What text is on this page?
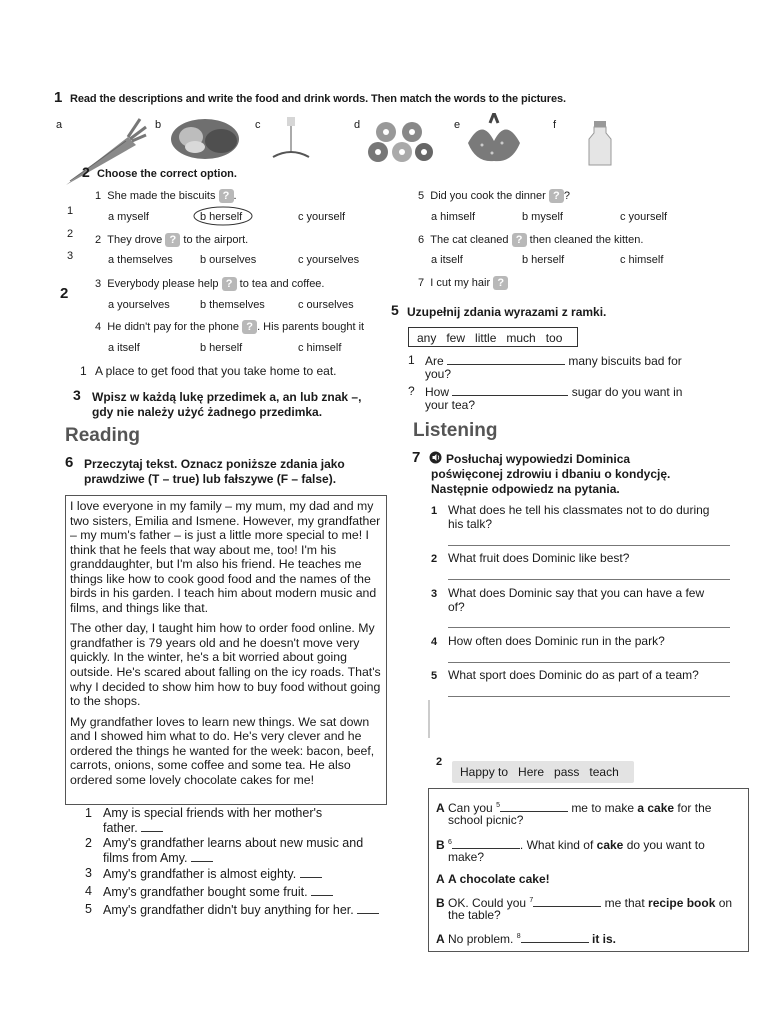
1 Read the descriptions and write the food and drink words. Then match the words to the pictures.
a	b	c	d	e	f
2 Choose the correct option.
1
2
3
2
1 She made the biscuits ? .
a myself	b herself	c yourself
2 They drove ? to the airport.
a themselves b ourselves	c yourselves
3 Everybody please help ? to tea and coffee.
a yourselves	b themselves	c ourselves
4 He didn't pay for the phone ? . His parents bought it
a itself	b herself	c himself
5 Did you cook the dinner ? ?
a himself	b myself	c yourself
6 The cat cleaned ? then cleaned the kitten.
a itself	b herself	c himself
7 I cut my hair ?
5 Uzupełnij zdania wyrazami z ramki.
any   few   little   much   too
1 Are	many biscuits bad for
you?
? How	sugar do you want in
your tea?
1 A place to get food that you take home to eat.
3 Wpisz w każdą lukę przedimek a, an lub znak –,
gdy nie należy użyć żadnego przedimka.
Reading
6 Przeczytaj tekst. Oznacz poniższe zdania jako
prawdziwe (T – true) lub fałszywe (F – false).

I love everyone in my family – my mum, my dad and my two sisters, Emilia and Ismene. However, my grandfather – my mum's father – is just a little more special to me! I think that he feels that way about me, too! I'm his granddaughter, but I'm also his friend. He teaches me things like how to cook good food and the names of the birds in his garden. I teach him about modern music and films, and things like that.

The other day, I taught him how to order food online. My grandfather is 79 years old and he doesn't move very quickly. In the winter, he's a bit worried about going outside. He's scared about falling on the icy roads. That's why I decided to show him how to buy food without going to the shops.

My grandfather loves to learn new things. We sat down and I showed him what to do. He's very clever and he ordered the things he wanted for the week: bacon, beef, carrots, onions, some coffee and some tea. He also ordered some lovely chocolate cakes for me!

1 Amy is special friends with her mother's
father.
2 Amy's grandfather learns about new music and
films from Amy.
3 Amy's grandfather is almost eighty.
4 Amy's grandfather bought some fruit.
5 Amy's grandfather didn't buy anything for her.
Listening
7 Posłuchaj wypowiedzi Dominica
poświęconej zdrowiu i dbaniu o kondycję.
Następnie odpowiedz na pytania.
1 What does he tell his classmates not to do during
his talk?
2 What fruit does Dominic like best?
3 What does Dominic say that you can have a few
of?
4 How often does Dominic run in the park?
5 What sport does Dominic do as part of a team?
2
Happy to   Here   pass   teach
A Can you $^5$	me to make a cake for the
school picnic?
B $^6$	. What kind of cake do you want to
make?
A A chocolate cake!
B OK. Could you $^7$	me that recipe book on
the table?
A No problem. $^8$	it is.
